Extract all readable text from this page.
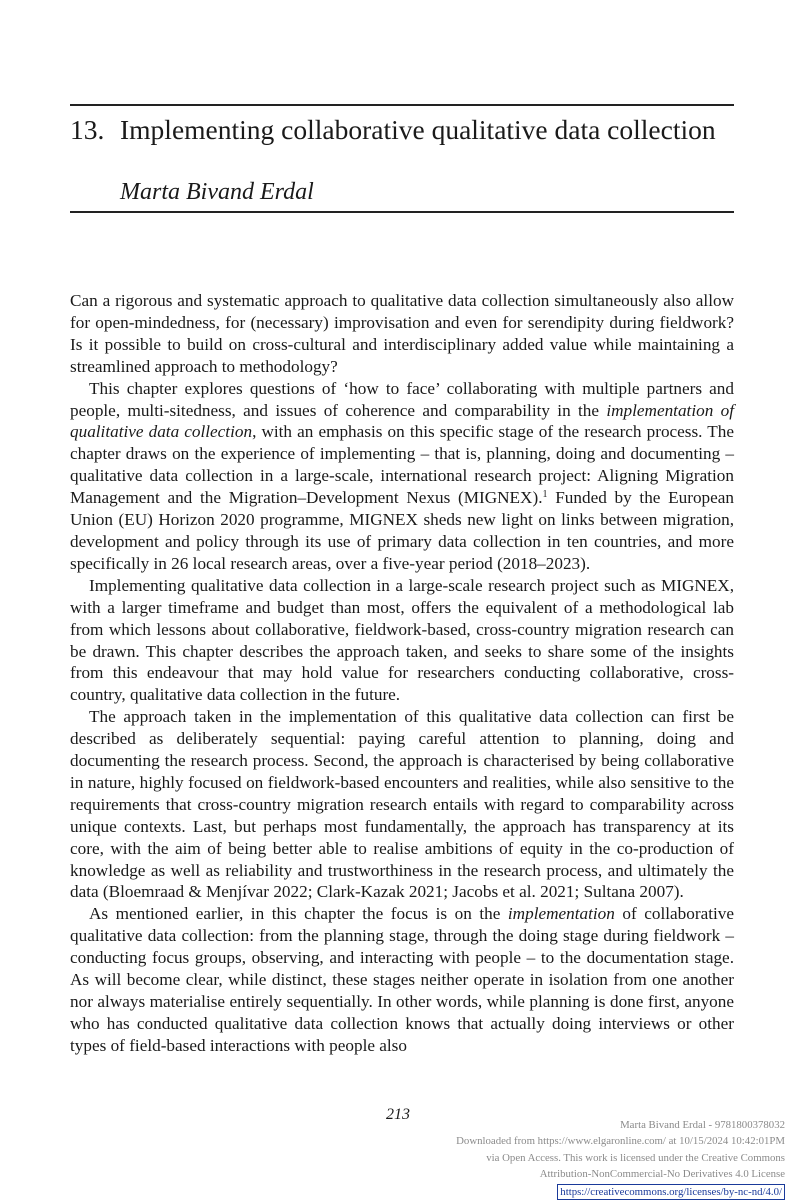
13. Implementing collaborative qualitative data collection
Marta Bivand Erdal

Can a rigorous and systematic approach to qualitative data collection simultaneously also allow for open-mindedness, for (necessary) improvisation and even for serendipity during fieldwork? Is it possible to build on cross-cultural and interdisciplinary added value while maintaining a streamlined approach to methodology?

This chapter explores questions of ‘how to face’ collaborating with multiple partners and people, multi-sitedness, and issues of coherence and comparability in the implementation of qualitative data collection, with an emphasis on this specific stage of the research process. The chapter draws on the experience of implementing – that is, planning, doing and documenting – qualitative data collection in a large-scale, international research project: Aligning Migration Management and the Migration–Development Nexus (MIGNEX).$^1$ Funded by the European Union (EU) Horizon 2020 programme, MIGNEX sheds new light on links between migration, development and policy through its use of primary data collection in ten countries, and more specifically in 26 local research areas, over a five-year period (2018–2023).

Implementing qualitative data collection in a large-scale research project such as MIGNEX, with a larger timeframe and budget than most, offers the equivalent of a methodological lab from which lessons about collaborative, fieldwork-based, cross-country migration research can be drawn. This chapter describes the approach taken, and seeks to share some of the insights from this endeavour that may hold value for researchers conducting collaborative, cross-country, qualitative data collection in the future.

The approach taken in the implementation of this qualitative data collection can first be described as deliberately sequential: paying careful attention to planning, doing and documenting the research process. Second, the approach is characterised by being collaborative in nature, highly focused on fieldwork-based encounters and realities, while also sensitive to the requirements that cross-country migration research entails with regard to comparability across unique contexts. Last, but perhaps most fundamentally, the approach has transparency at its core, with the aim of being better able to realise ambitions of equity in the co-production of knowledge as well as reliability and trustworthiness in the research process, and ultimately the data (Bloemraad & Menjívar 2022; Clark-Kazak 2021; Jacobs et al. 2021; Sultana 2007).

As mentioned earlier, in this chapter the focus is on the implementation of collaborative qualitative data collection: from the planning stage, through the doing stage during fieldwork – conducting focus groups, observing, and interacting with people – to the documentation stage. As will become clear, while distinct, these stages neither operate in isolation from one another nor always materialise entirely sequentially. In other words, while planning is done first, anyone who has conducted qualitative data collection knows that actually doing interviews or other types of field-based interactions with people also

213
Marta Bivand Erdal - 9781800378032
Downloaded from https://www.elgaronline.com/ at 10/15/2024 10:42:01PM
via Open Access. This work is licensed under the Creative Commons
Attribution-NonCommercial-No Derivatives 4.0 License
https://creativecommons.org/licenses/by-nc-nd/4.0/
